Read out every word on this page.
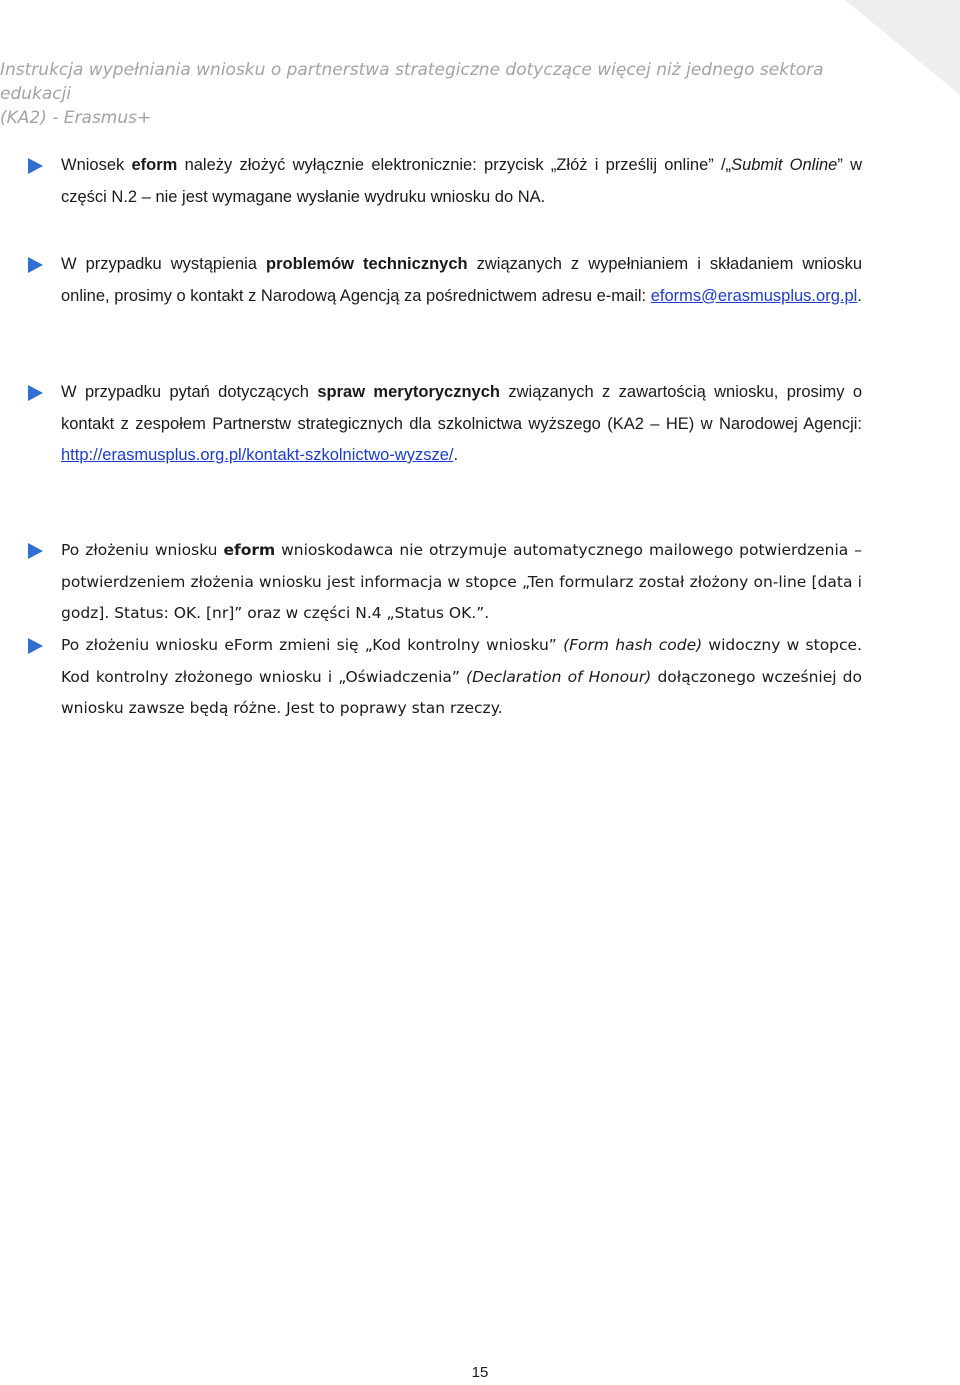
Instrukcja wypełniania wniosku o partnerstwa strategiczne dotyczące więcej niż jednego sektora edukacji
(KA2) - Erasmus+
Wniosek eform należy złożyć wyłącznie elektronicznie: przycisk „Złóż i prześlij online” /„Submit Online” w części N.2 – nie jest wymagane wysłanie wydruku wniosku do NA.
W przypadku wystąpienia problemów technicznych związanych z wypełnianiem i składaniem wniosku online, prosimy o kontakt z Narodową Agencją za pośrednictwem adresu e-mail: eforms@erasmusplus.org.pl.
W przypadku pytań dotyczących spraw merytorycznych związanych z zawartością wniosku, prosimy o kontakt z zespołem Partnerstw strategicznych dla szkolnictwa wyższego (KA2 – HE) w Narodowej Agencji: http://erasmusplus.org.pl/kontakt-szkolnictwo-wyzsze/.
Po złożeniu wniosku eform wnioskodawca nie otrzymuje automatycznego mailowego potwierdzenia – potwierdzeniem złożenia wniosku jest informacja w stopce „Ten formularz został złożony on-line [data i godz]. Status: OK. [nr]” oraz w części N.4 „Status OK.”.
Po złożeniu wniosku eForm zmieni się „Kod kontrolny wniosku” (Form hash code) widoczny w stopce. Kod kontrolny złożonego wniosku i „Oświadczenia” (Declaration of Honour) dołączonego wcześniej do wniosku zawsze będą różne. Jest to poprawy stan rzeczy.
15
